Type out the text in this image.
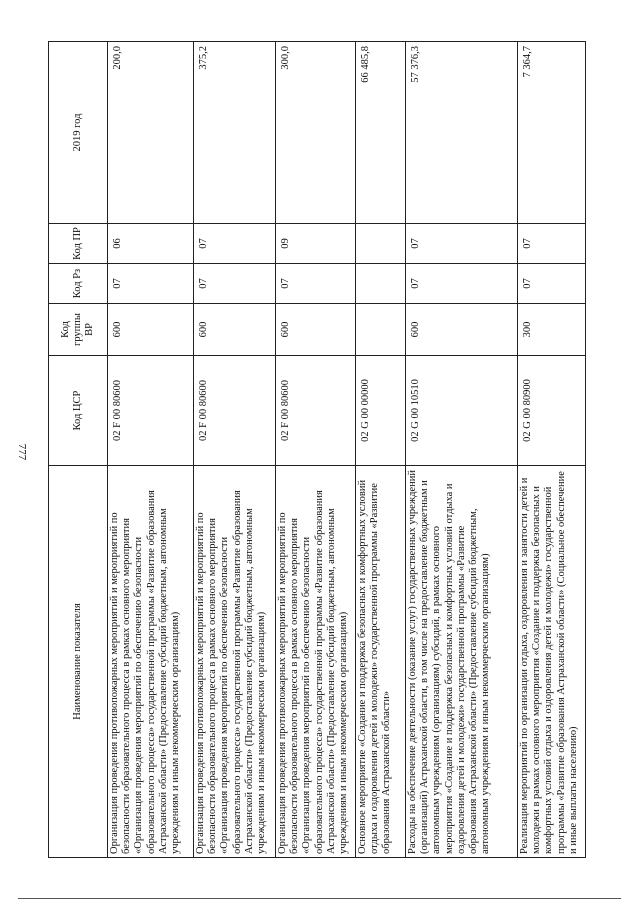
777
Наименование показателя	Код ЦСР	Код группы ВР	Код Рз	Код ПР	2019 год
Организация проведения противопожарных мероприятий и мероприятий по безопасности образовательного процесса в рамках основного мероприятия «Организация проведения мероприятий по обеспечению безопасности образовательного процесса» государственной программы «Развитие образования Астраханской области» (Предоставление субсидий бюджетным, автономным учреждениям и иным некоммерческим организациям)	02 F 00 80600	600	07	06	200,0
Организация проведения противопожарных мероприятий и мероприятий по безопасности образовательного процесса в рамках основного мероприятия «Организация проведения мероприятий по обеспечению безопасности образовательного процесса» государственной программы «Развитие образования Астраханской области» (Предоставление субсидий бюджетным, автономным учреждениям и иным некоммерческим организациям)	02 F 00 80600	600	07	07	375,2
Организация проведения противопожарных мероприятий и мероприятий по безопасности образовательного процесса в рамках основного мероприятия «Организация проведения мероприятий по обеспечению безопасности образовательного процесса» государственной программы «Развитие образования Астраханской области» (Предоставление субсидий бюджетным, автономным учреждениям и иным некоммерческим организациям)	02 F 00 80600	600	07	09	300,0
Основное мероприятие «Создание и поддержка безопасных и комфортных условий отдыха и оздоровления детей и молодежи» государственной программы «Развитие образования Астраханской области»	02 G 00 00000				66 485,8
Расходы на обеспечение деятельности (оказание услуг) государственных учреждений (организаций) Астраханской области, в том числе на предоставление бюджетным и автономным учреждениям (организациям) субсидий, в рамках основного мероприятия «Создание и поддержка безопасных и комфортных условий отдыха и оздоровления детей и молодежи» государственной программы «Развитие образования Астраханской области» (Предоставление субсидий бюджетным, автономным учреждениям и иным некоммерческим организациям)	02 G 00 10510	600	07	07	57 376,3
Реализация мероприятий по организации отдыха, оздоровления и занятости детей и молодежи в рамках основного мероприятия «Создание и поддержка безопасных и комфортных условий отдыха и оздоровления детей и молодежи» государственной программы «Развитие образования Астраханской области» (Социальное обеспечение и иные выплаты населению)	02 G 00 80900	300	07	07	7 364,7
